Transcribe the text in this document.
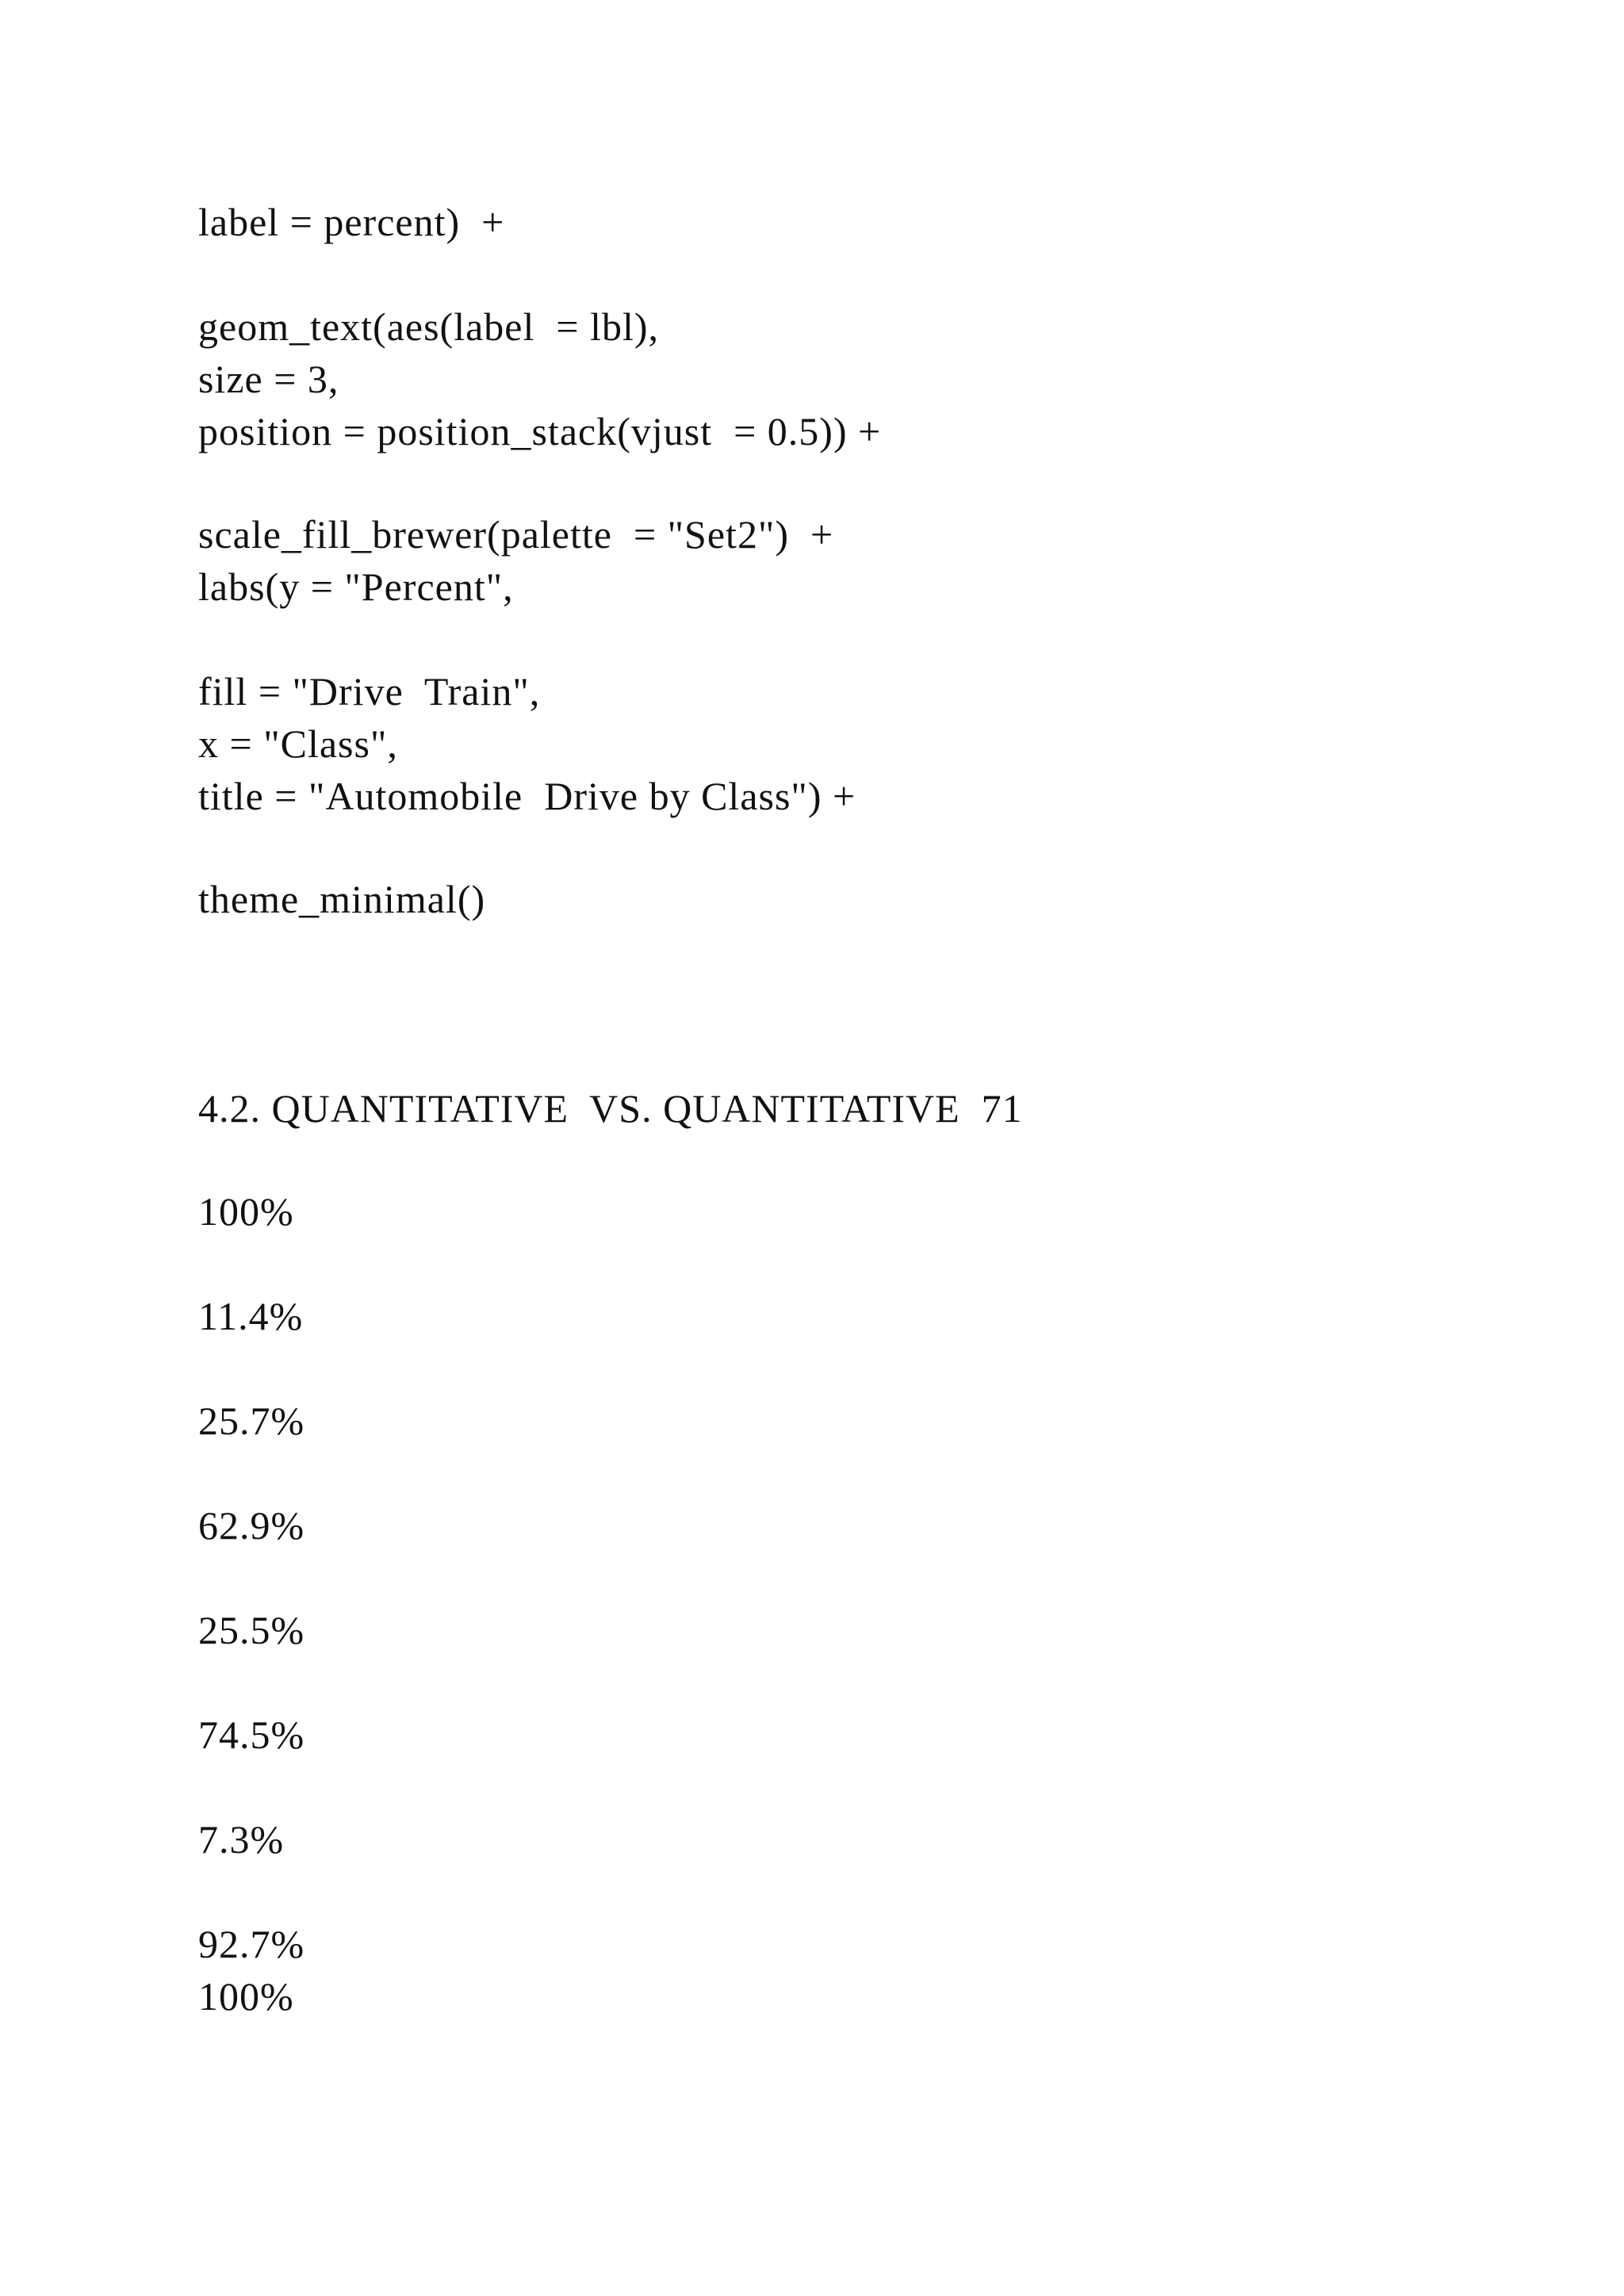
label = percent)  +
geom_text(aes(label  = lbl),
size = 3,
position = position_stack(vjust  = 0.5)) +
scale_fill_brewer(palette  = "Set2")  +
labs(y = "Percent",
fill = "Drive  Train",
x = "Class",
title = "Automobile  Drive by Class") +
theme_minimal()
4.2. QUANTITATIVE  VS. QUANTITATIVE  71
100%
11.4%
25.7%
62.9%
25.5%
74.5%
7.3%
92.7%
100%
